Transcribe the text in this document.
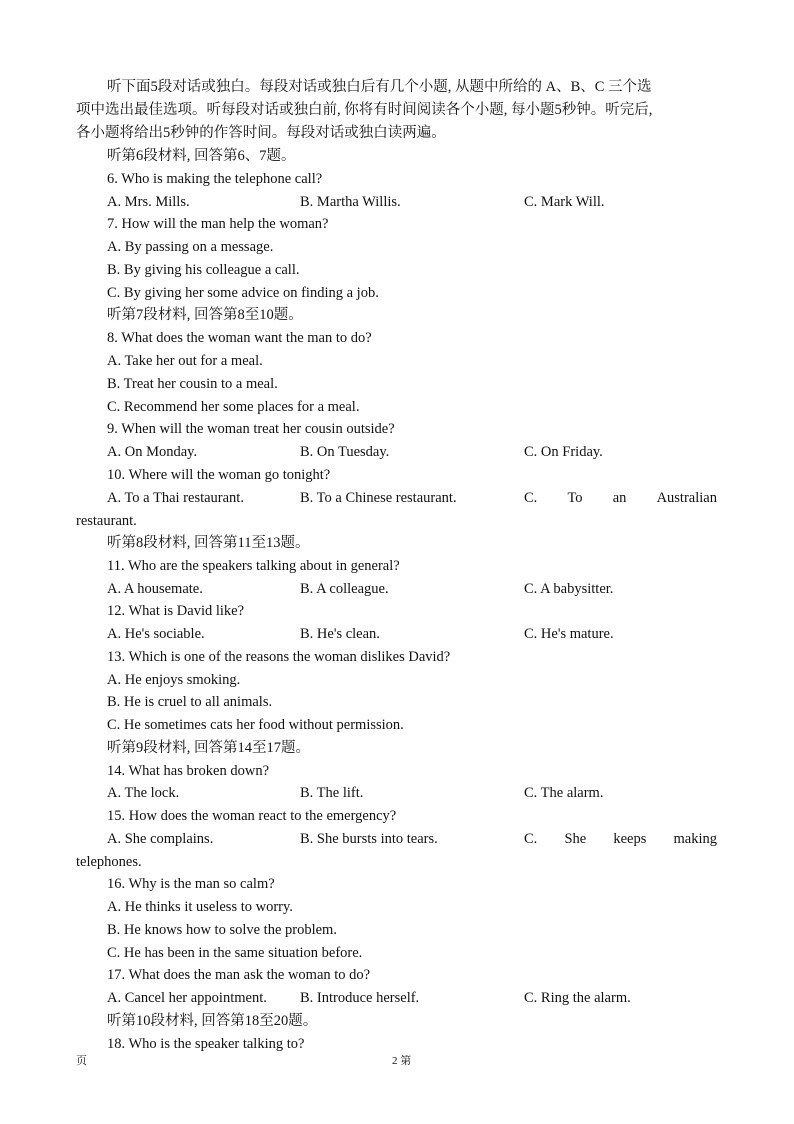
听下面5段对话或独白。每段对话或独白后有几个小题, 从题中所给的 A、B、C 三个选
项中选出最佳选项。听每段对话或独白前, 你将有时间阅读各个小题, 每小题5秒钟。听完后,
各小题将给出5秒钟的作答时间。每段对话或独白读两遍。
听第6段材料, 回答第6、7题。
6. Who is making the telephone call?
A. Mrs. Mills.	B. Martha Willis.	C. Mark Will.
7. How will the man help the woman?
A. By passing on a message.
B. By giving his colleague a call.
C. By giving her some advice on finding a job.
听第7段材料, 回答第8至10题。
8. What does the woman want the man to do?
A. Take her out for a meal.
B. Treat her cousin to a meal.
C. Recommend her some places for a meal.
9. When will the woman treat her cousin outside?
A. On Monday.	B. On Tuesday.	C. On Friday.
10. Where will the woman go tonight?
A. To a Thai restaurant.	B. To a Chinese restaurant.	C. To an Australian
restaurant.
听第8段材料, 回答第11至13题。
11. Who are the speakers talking about in general?
A. A housemate.	B. A colleague.	C. A babysitter.
12. What is David like?
A. He's sociable.	B. He's clean.	C. He's mature.
13. Which is one of the reasons the woman dislikes David?
A. He enjoys smoking.
B. He is cruel to all animals.
C. He sometimes cats her food without permission.
听第9段材料, 回答第14至17题。
14. What has broken down?
A. The lock.	B. The lift.	C. The alarm.
15. How does the woman react to the emergency?
A. She complains.	B. She bursts into tears.	C. She keeps making
telephones.
16. Why is the man so calm?
A. He thinks it useless to worry.
B. He knows how to solve the problem.
C. He has been in the same situation before.
17. What does the man ask the woman to do?
A. Cancel her appointment. B. Introduce herself.	C. Ring the alarm.
听第10段材料, 回答第18至20题。
18. Who is the speaker talking to?
页	2 第
